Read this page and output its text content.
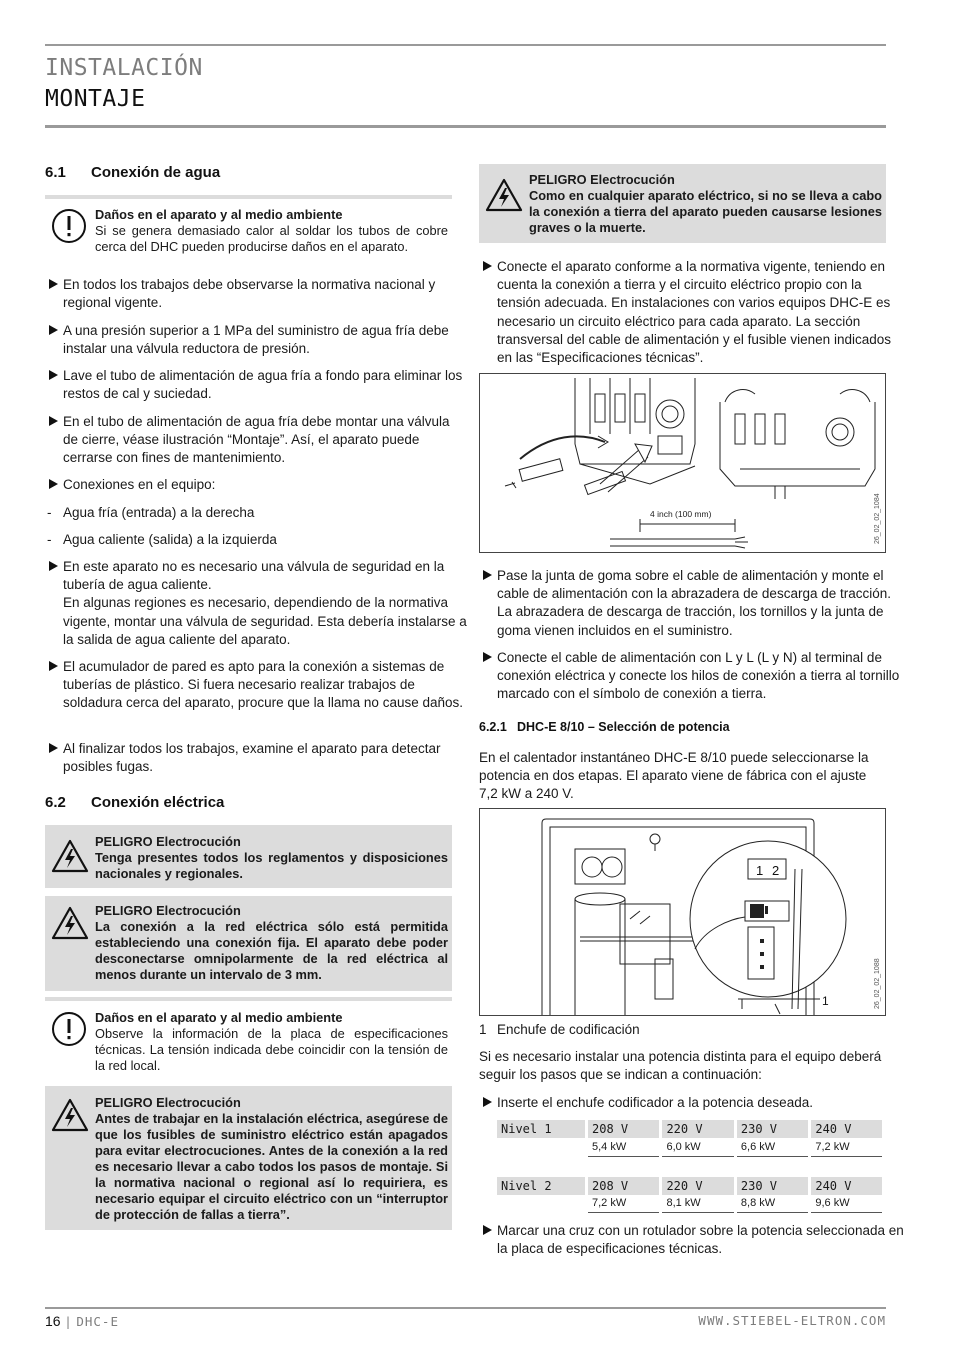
INSTALACIÓN
MONTAJE
6.1 Conexión de agua
Daños en el aparato y al medio ambiente
Si se genera demasiado calor al soldar los tubos de cobre cerca del DHC pueden producirse daños en el aparato.
En todos los trabajos debe observarse la normativa nacional y regional vigente.
A una presión superior a 1 MPa del suministro de agua fría debe instalar una válvula reductora de presión.
Lave el tubo de alimentación de agua fría a fondo para eliminar los restos de cal y suciedad.
En el tubo de alimentación de agua fría debe montar una válvula de cierre, véase ilustración “Montaje”. Así, el aparato puede cerrarse con fines de mantenimiento.
Conexiones en el equipo:
- Agua fría (entrada) a la derecha
- Agua caliente (salida) a la izquierda
En este aparato no es necesario una válvula de seguridad en la tubería de agua caliente.
En algunas regiones es necesario, dependiendo de la normativa vigente, montar una válvula de seguridad. Esta debería instalarse a la salida de agua caliente del aparato.
El acumulador de pared es apto para la conexión a sistemas de tuberías de plástico. Si fuera necesario realizar trabajos de soldadura cerca del aparato, procure que la llama no cause daños.
Al finalizar todos los trabajos, examine el aparato para detectar posibles fugas.
6.2 Conexión eléctrica
PELIGRO Electrocución
Tenga presentes todos los reglamentos y disposiciones nacionales y regionales.
PELIGRO Electrocución
La conexión a la red eléctrica sólo está permitida estableciendo una conexión fija. El aparato debe poder desconectarse omnipolarmente de la red eléctrica al menos durante un intervalo de 3 mm.
Daños en el aparato y al medio ambiente
Observe la información de la placa de especificaciones técnicas. La tensión indicada debe coincidir con la tensión de la red local.
PELIGRO Electrocución
Antes de trabajar en la instalación eléctrica, asegúrese de que los fusibles de suministro eléctrico están apagados para evitar electrocuciones. Antes de la conexión a la red es necesario llevar a cabo todos los pasos de montaje. Si la normativa nacional o regional así lo requiriera, es necesario equipar el circuito eléctrico con un “interruptor de protección de fallas a tierra”.
PELIGRO Electrocución
Como en cualquier aparato eléctrico, si no se lleva a cabo la conexión a tierra del aparato pueden causarse lesiones graves o la muerte.
Conecte el aparato conforme a la normativa vigente, teniendo en cuenta la conexión a tierra y el circuito eléctrico propio con la tensión adecuada. En instalaciones con varios equipos DHC-E es necesario un circuito eléctrico para cada aparato. La sección transversal del cable de alimentación y el fusible vienen indicados en las “Especificaciones técnicas”.
4 inch (100 mm)	26_02_02_1084
Pase la junta de goma sobre el cable de alimentación y monte el cable de alimentación con la abrazadera de descarga de tracción. La abrazadera de descarga de tracción, los tornillos y la junta de goma vienen incluidos en el suministro.
Conecte el cable de alimentación con L y L (L y N) al terminal de conexión eléctrica y conecte los hilos de conexión a tierra al tornillo marcado con el símbolo de conexión a tierra.
6.2.1 DHC-E 8/10 – Selección de potencia
En el calentador instantáneo DHC-E 8/10 puede seleccionarse la potencia en dos etapas. El aparato viene de fábrica con el ajuste 7,2 kW a 240 V.
1 2
1	26_02_02_1088
1 Enchufe de codificación
Si es necesario instalar una potencia distinta para el equipo deberá seguir los pasos que se indican a continuación:
Inserte el enchufe codificador a la potencia deseada.
Nivel 1	208 V	220 V	230 V	240 V
	5,4 kW	6,0 kW	6,6 kW	7,2 kW

Nivel 2	208 V	220 V	230 V	240 V
	7,2 kW	8,1 kW	8,8 kW	9,6 kW
Marcar una cruz con un rotulador sobre la potencia seleccionada en la placa de especificaciones técnicas.
16 | DHC-E	WWW.STIEBEL-ELTRON.COM
